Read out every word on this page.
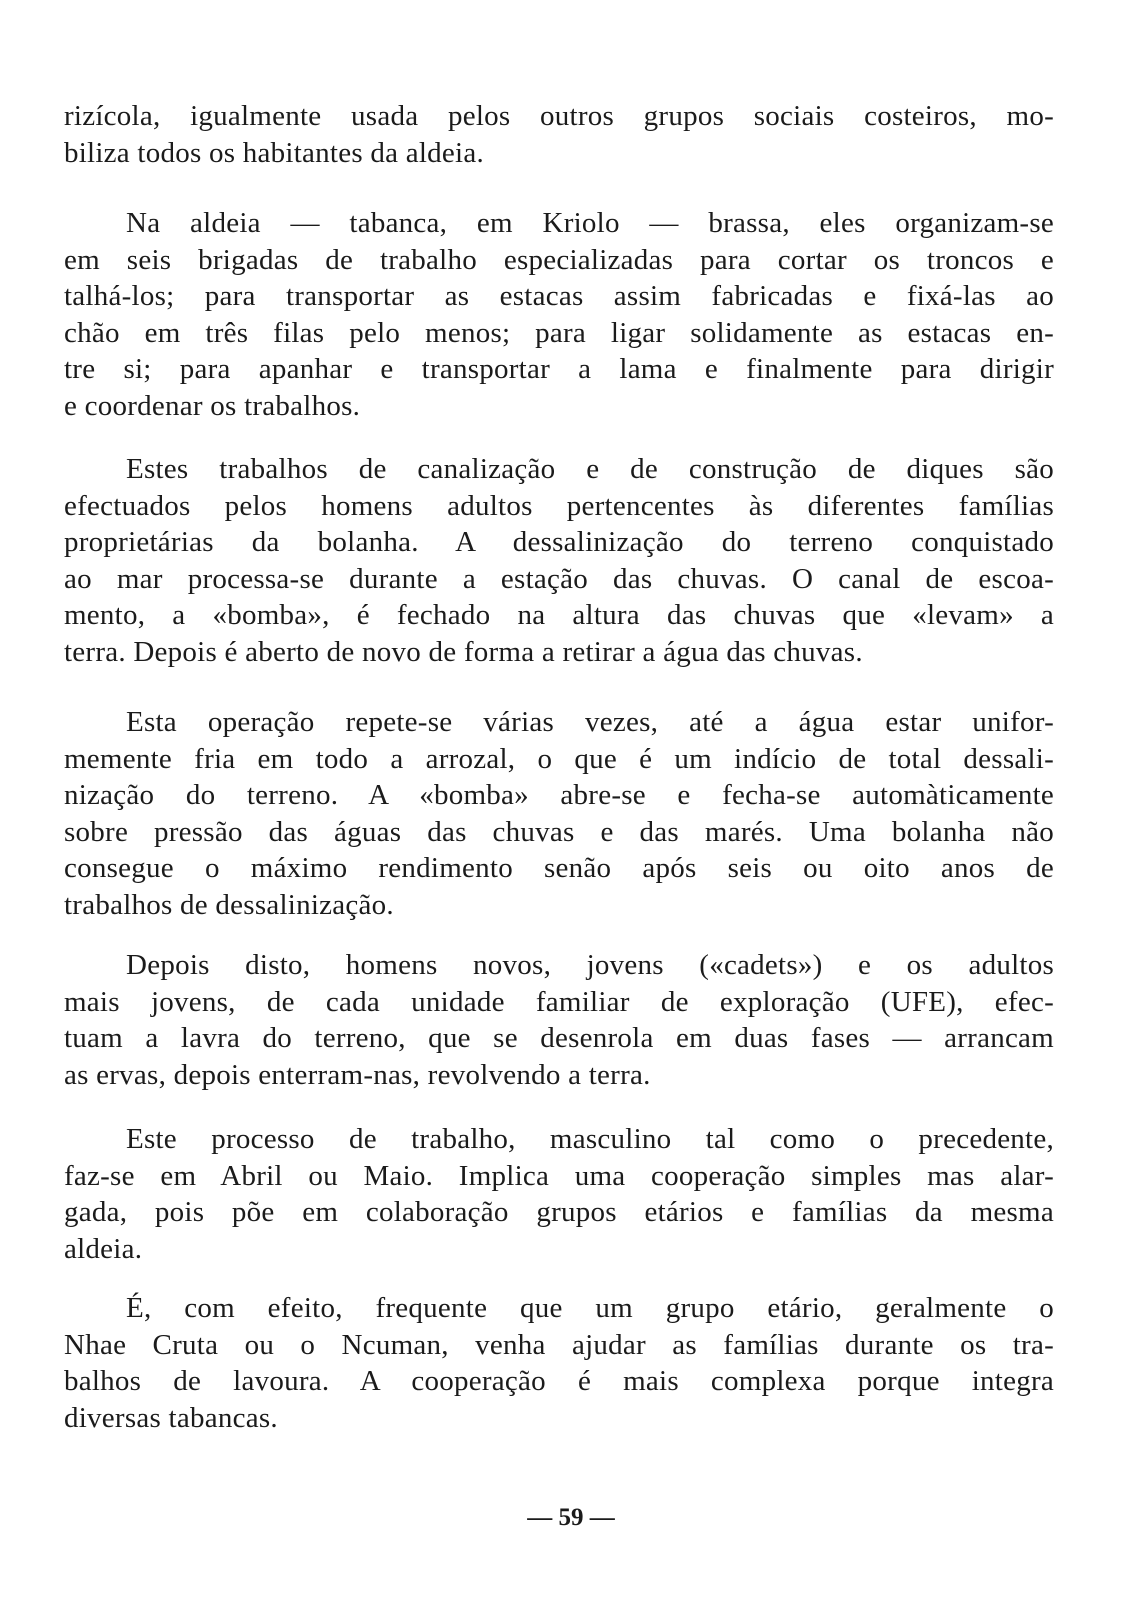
rizícola, igualmente usada pelos outros grupos sociais costeiros, mo-
biliza todos os habitantes da aldeia.
Na aldeia — tabanca, em Kriolo — brassa, eles organizam-se
em seis brigadas de trabalho especializadas para cortar os troncos e
talhá-los; para transportar as estacas assim fabricadas e fixá-las ao
chão em três filas pelo menos; para ligar solidamente as estacas en-
tre si; para apanhar e transportar a lama e finalmente para dirigir
e coordenar os trabalhos.
Estes trabalhos de canalização e de construção de diques são
efectuados pelos homens adultos pertencentes às diferentes famílias
proprietárias da bolanha. A dessalinização do terreno conquistado
ao mar processa-se durante a estação das chuvas. O canal de escoa-
mento, a «bomba», é fechado na altura das chuvas que «levam» a
terra. Depois é aberto de novo de forma a retirar a água das chuvas.
Esta operação repete-se várias vezes, até a água estar unifor-
memente fria em todo a arrozal, o que é um indício de total dessali-
nização do terreno. A «bomba» abre-se e fecha-se automàticamente
sobre pressão das águas das chuvas e das marés. Uma bolanha não
consegue o máximo rendimento senão após seis ou oito anos de
trabalhos de dessalinização.
Depois disto, homens novos, jovens («cadets») e os adultos
mais jovens, de cada unidade familiar de exploração (UFE), efec-
tuam a lavra do terreno, que se desenrola em duas fases — arrancam
as ervas, depois enterram-nas, revolvendo a terra.
Este processo de trabalho, masculino tal como o precedente,
faz-se em Abril ou Maio. Implica uma cooperação simples mas alar-
gada, pois põe em colaboração grupos etários e famílias da mesma
aldeia.
É, com efeito, frequente que um grupo etário, geralmente o
Nhae Cruta ou o Ncuman, venha ajudar as famílias durante os tra-
balhos de lavoura. A cooperação é mais complexa porque integra
diversas tabancas.
— 59 —
